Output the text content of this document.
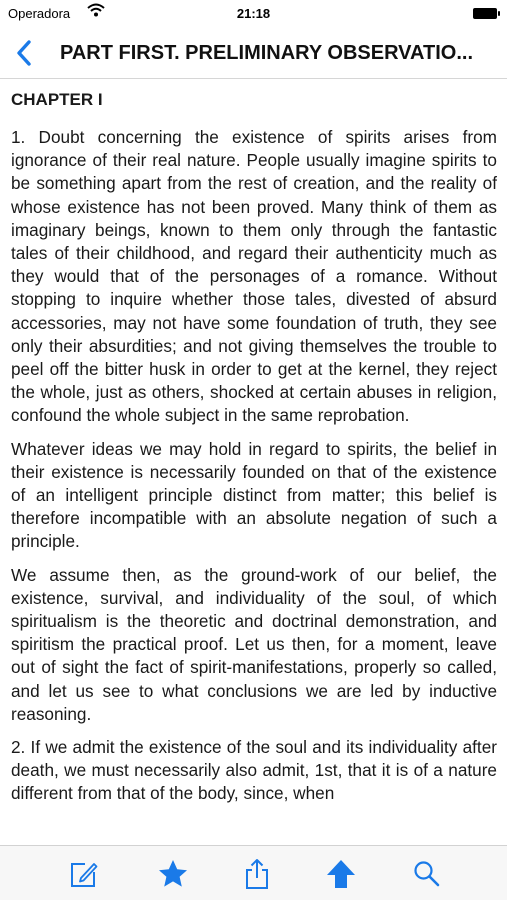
Operadora	21:18
PART FIRST. PRELIMINARY OBSERVATIO...
CHAPTER I

1. Doubt concerning the existence of spirits arises from ignorance of their real nature. People usually imagine spirits to be something apart from the rest of creation, and the reality of whose existence has not been proved. Many think of them as imaginary beings, known to them only through the fantastic tales of their childhood, and regard their authenticity much as they would that of the personages of a romance. Without stopping to inquire whether those tales, divested of absurd accessories, may not have some foundation of truth, they see only their absurdities; and not giving themselves the trouble to peel off the bitter husk in order to get at the kernel, they reject the whole, just as others, shocked at certain abuses in religion, confound the whole subject in the same reprobation.

Whatever ideas we may hold in regard to spirits, the belief in their existence is necessarily founded on that of the existence of an intelligent principle distinct from matter; this belief is therefore incompatible with an absolute negation of such a principle.

We assume then, as the ground-work of our belief, the existence, survival, and individuality of the soul, of which spiritualism is the theoretic and doctrinal demonstration, and spiritism the practical proof. Let us then, for a moment, leave out of sight the fact of spirit-manifestations, properly so called, and let us see to what conclusions we are led by inductive reasoning.

2. If we admit the existence of the soul and its individuality after death, we must necessarily also admit, 1st, that it is of a nature different from that of the body, since, when
